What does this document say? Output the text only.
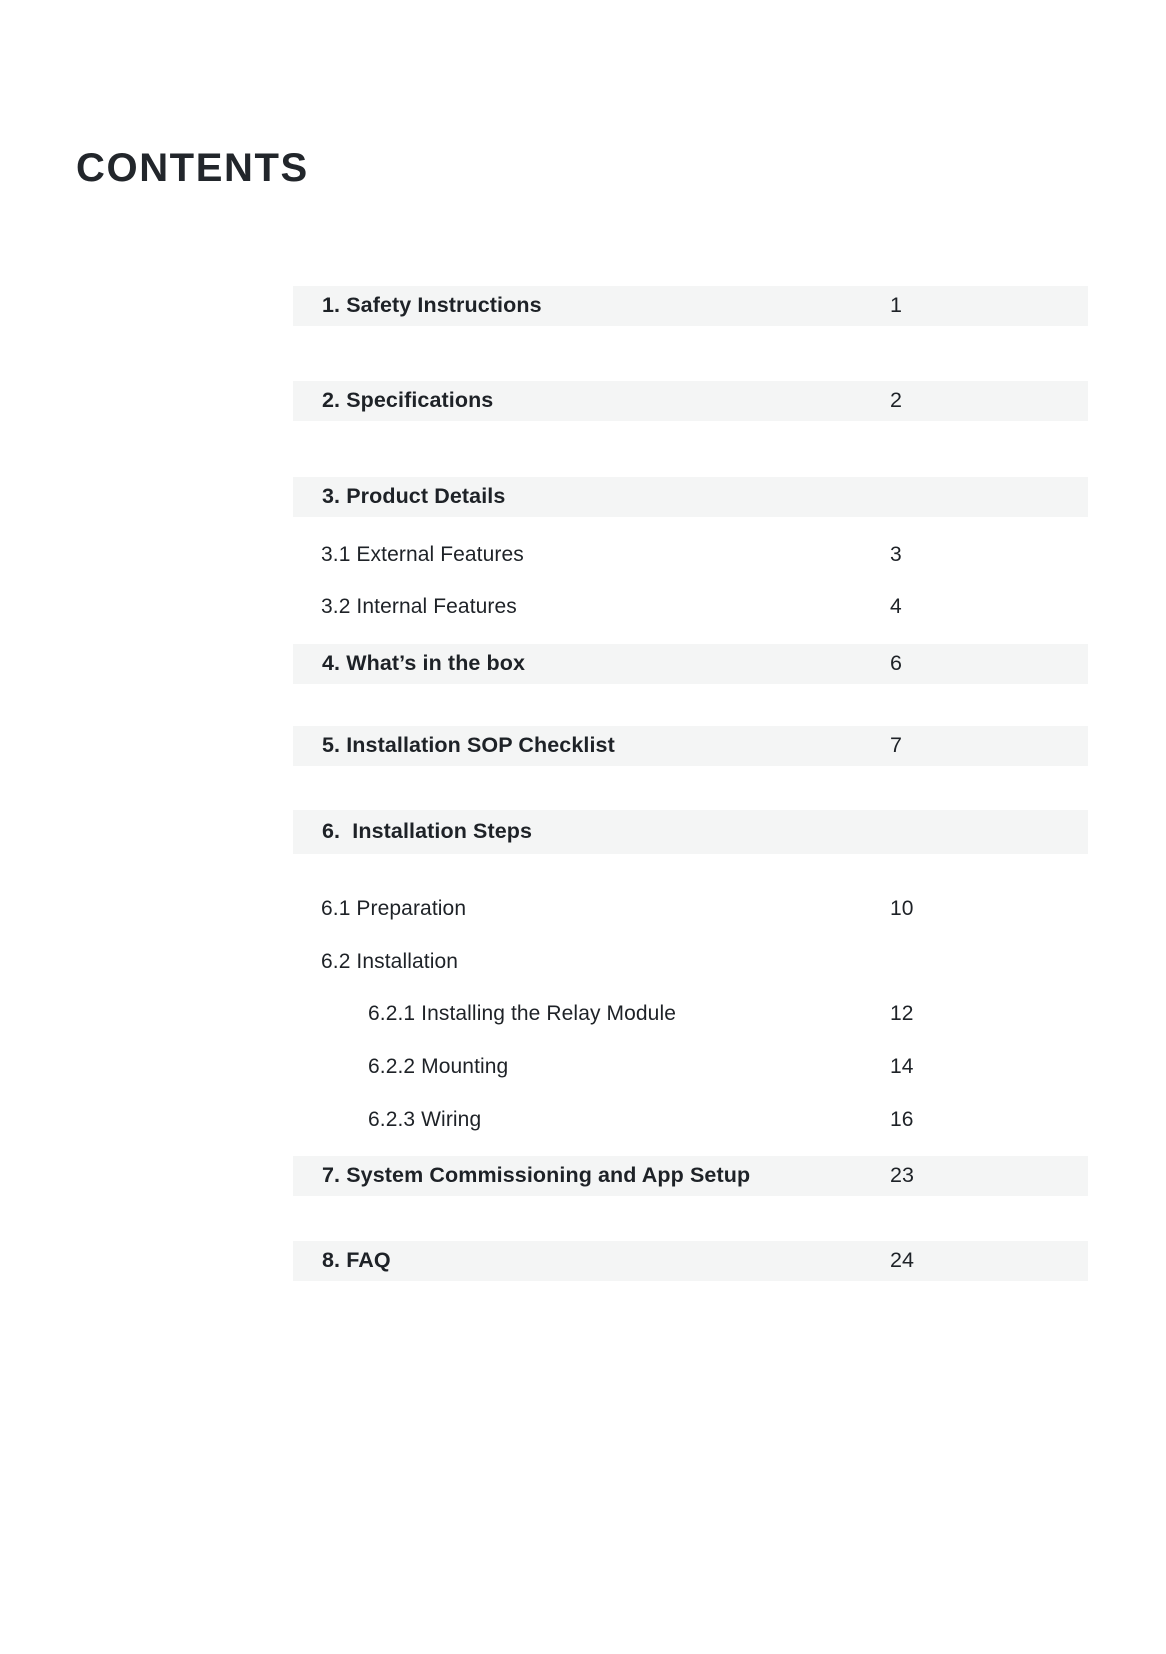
CONTENTS
1. Safety Instructions	1
2. Specifications	2
3. Product Details
3.1 External Features	3
3.2 Internal Features	4
4. What’s in the box	6
5. Installation SOP Checklist	7
6.  Installation Steps
6.1 Preparation	10
6.2 Installation
6.2.1 Installing the Relay Module	12
6.2.2 Mounting	14
6.2.3 Wiring	16
7. System Commissioning and App Setup	23
8. FAQ	24
